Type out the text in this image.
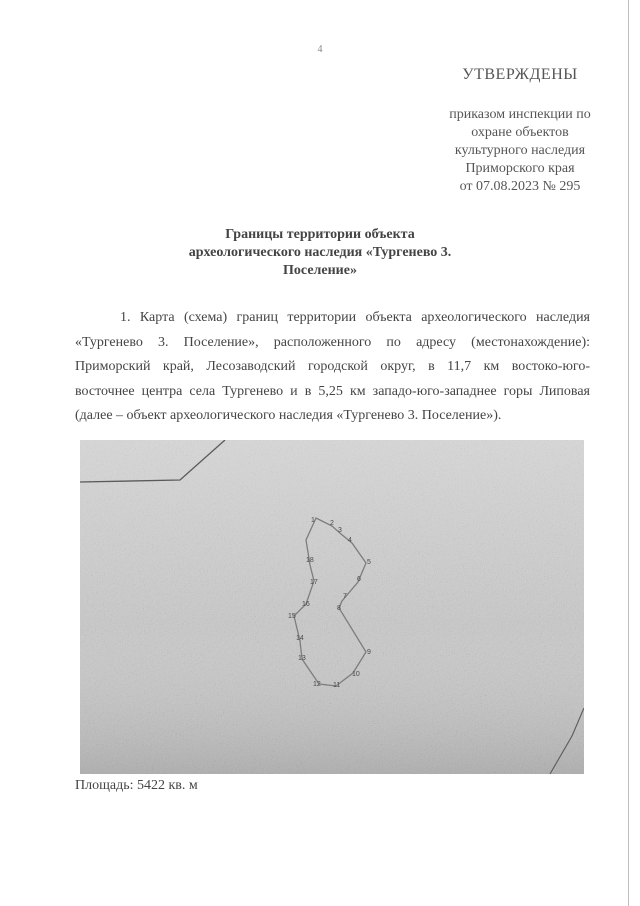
4
УТВЕРЖДЕНЫ
приказом инспекции по
охране объектов
культурного наследия
Приморского края
от 07.08.2023 № 295
Границы территории объекта
археологического наследия «Тургенево 3.
Поселение»
1. Карта (схема) границ территории объекта археологического наследия
«Тургенево 3. Поселение», расположенного по адресу (местонахождение):
Приморский край, Лесозаводский городской округ, в 11,7 км востоко-юго-
восточнее центра села Тургенево и в 5,25 км западо-юго-западнее горы Липовая
(далее – объект археологического наследия «Тургенево 3. Поселение»).
1 2
3
4
5
6
7
8
9
10
11
12
13
14
15
16
17
18
Площадь: 5422 кв. м
